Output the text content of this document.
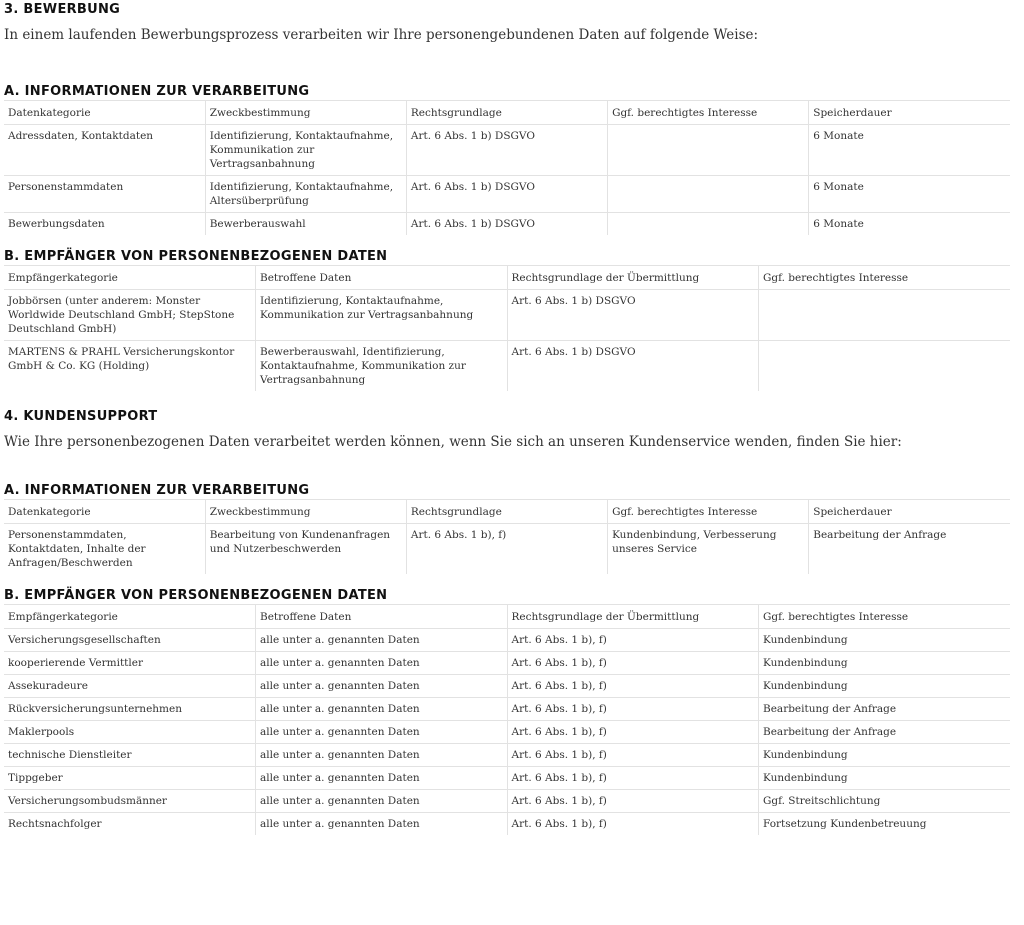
3. BEWERBUNG

In einem laufenden Bewerbungsprozess verarbeiten wir Ihre personengebundenen Daten auf folgende Weise:

A. INFORMATIONEN ZUR VERARBEITUNG
Datenkategorie	Zweckbestimmung	Rechtsgrundlage	Ggf. berechtigtes Interesse	Speicherdauer
Adressdaten, Kontaktdaten	Identifizierung, Kontaktaufnahme, Kommunikation zur Vertragsanbahnung	Art. 6 Abs. 1 b) DSGVO		6 Monate
Personenstammdaten	Identifizierung, Kontaktaufnahme, Altersüberprüfung	Art. 6 Abs. 1 b) DSGVO		6 Monate
Bewerbungsdaten	Bewerberauswahl	Art. 6 Abs. 1 b) DSGVO		6 Monate
B. EMPFÄNGER VON PERSONENBEZOGENEN DATEN
Empfängerkategorie	Betroffene Daten	Rechtsgrundlage der Übermittlung	Ggf. berechtigtes Interesse
Jobbörsen (unter anderem: Monster Worldwide Deutschland GmbH; StepStone Deutschland GmbH)	Identifizierung, Kontaktaufnahme, Kommunikation zur Vertragsanbahnung	Art. 6 Abs. 1 b) DSGVO	
MARTENS & PRAHL Versicherungskontor GmbH & Co. KG (Holding)	Bewerberauswahl, Identifizierung, Kontaktaufnahme, Kommunikation zur Vertragsanbahnung	Art. 6 Abs. 1 b) DSGVO	
4. KUNDENSUPPORT

Wie Ihre personenbezogenen Daten verarbeitet werden können, wenn Sie sich an unseren Kundenservice wenden, finden Sie hier:

A. INFORMATIONEN ZUR VERARBEITUNG
Datenkategorie	Zweckbestimmung	Rechtsgrundlage	Ggf. berechtigtes Interesse	Speicherdauer
Personenstammdaten, Kontaktdaten, Inhalte der Anfragen/Beschwerden	Bearbeitung von Kundenanfragen und Nutzerbeschwerden	Art. 6 Abs. 1 b), f)	Kundenbindung, Verbesserung unseres Service	Bearbeitung der Anfrage
B. EMPFÄNGER VON PERSONENBEZOGENEN DATEN
Empfängerkategorie	Betroffene Daten	Rechtsgrundlage der Übermittlung	Ggf. berechtigtes Interesse
Versicherungsgesellschaften	alle unter a. genannten Daten	Art. 6 Abs. 1 b), f)	Kundenbindung
kooperierende Vermittler	alle unter a. genannten Daten	Art. 6 Abs. 1 b), f)	Kundenbindung
Assekuradeure	alle unter a. genannten Daten	Art. 6 Abs. 1 b), f)	Kundenbindung
Rückversicherungsunternehmen	alle unter a. genannten Daten	Art. 6 Abs. 1 b), f)	Bearbeitung der Anfrage
Maklerpools	alle unter a. genannten Daten	Art. 6 Abs. 1 b), f)	Bearbeitung der Anfrage
technische Dienstleiter	alle unter a. genannten Daten	Art. 6 Abs. 1 b), f)	Kundenbindung
Tippgeber	alle unter a. genannten Daten	Art. 6 Abs. 1 b), f)	Kundenbindung
Versicherungsombudsmänner	alle unter a. genannten Daten	Art. 6 Abs. 1 b), f)	Ggf. Streitschlichtung
Rechtsnachfolger	alle unter a. genannten Daten	Art. 6 Abs. 1 b), f)	Fortsetzung Kundenbetreuung
